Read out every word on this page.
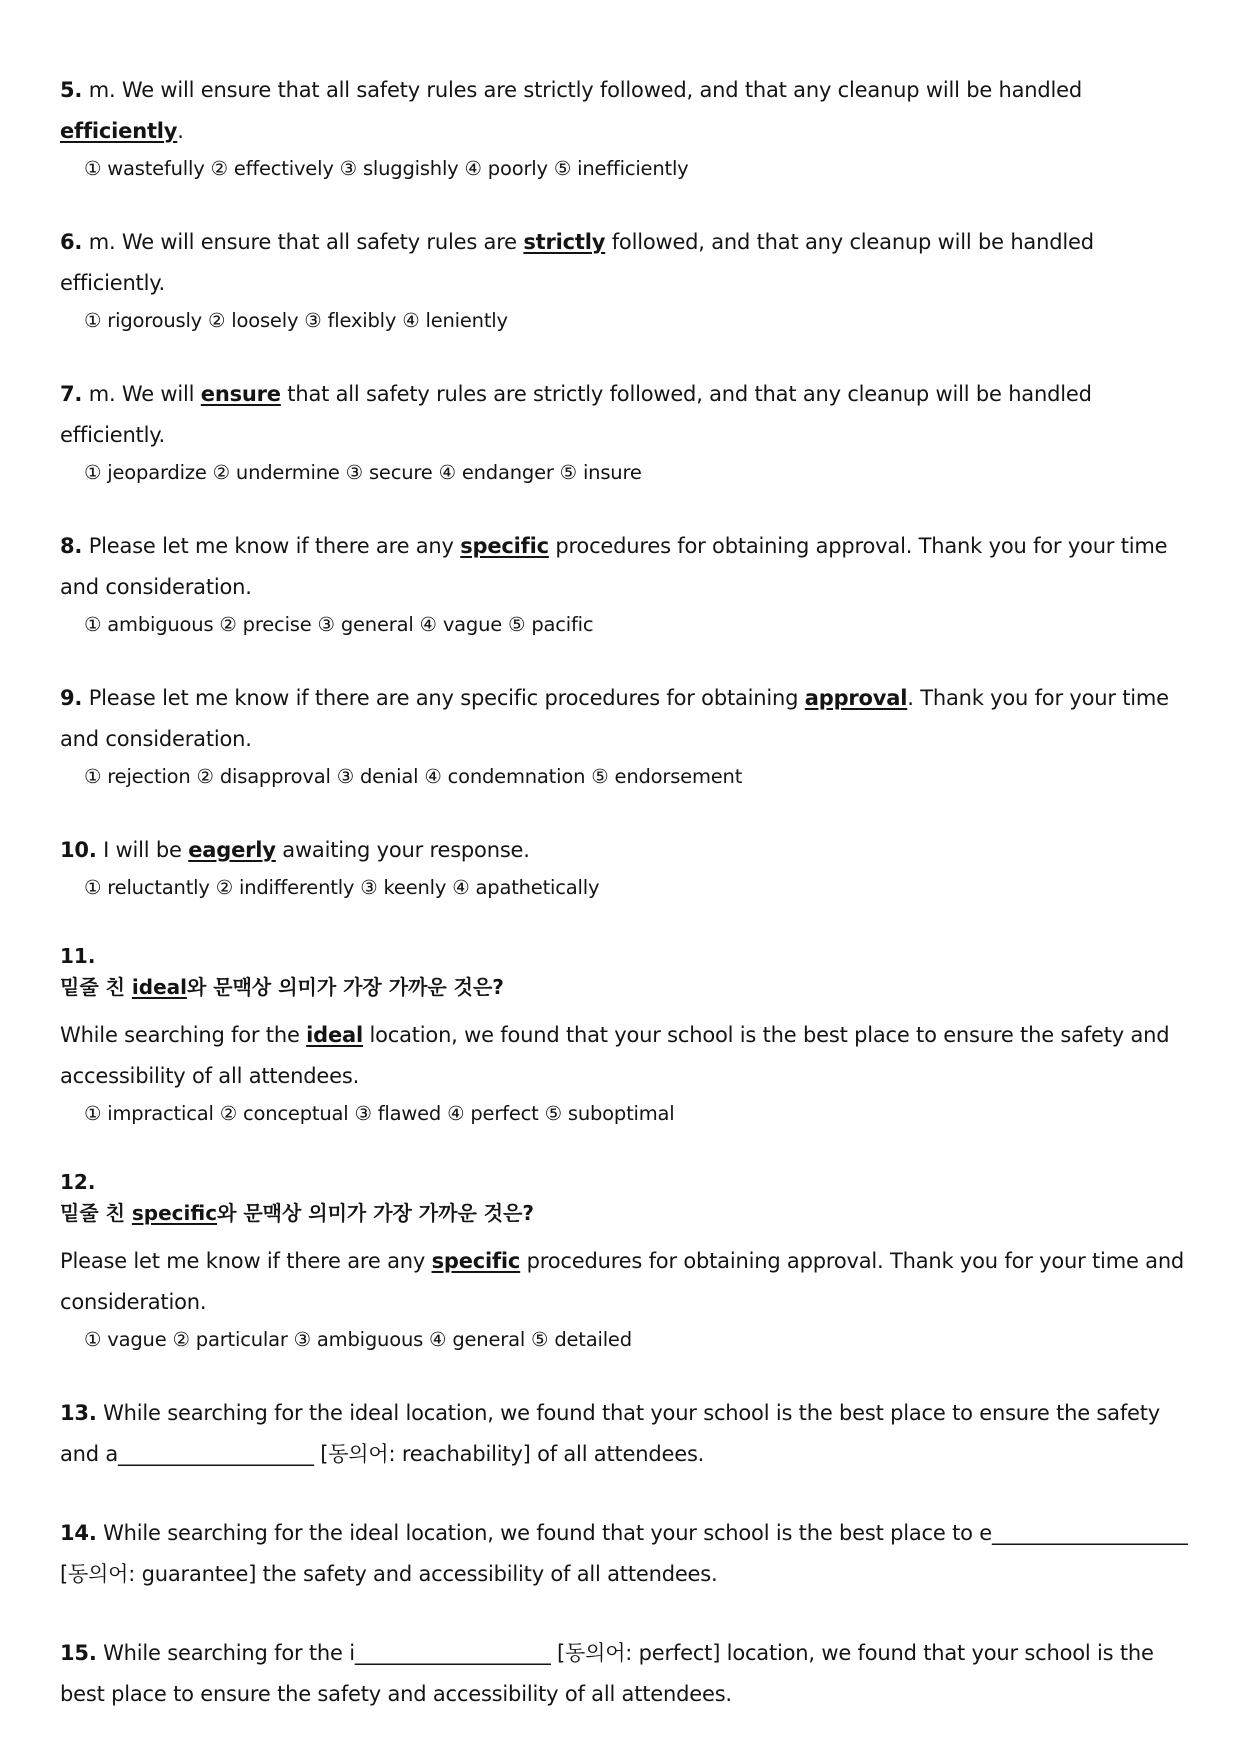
5. m. We will ensure that all safety rules are strictly followed, and that any cleanup will be handled efficiently.
① wastefully ② effectively ③ sluggishly ④ poorly ⑤ inefficiently
6. m. We will ensure that all safety rules are strictly followed, and that any cleanup will be handled efficiently.
① rigorously ② loosely ③ flexibly ④ leniently
7. m. We will ensure that all safety rules are strictly followed, and that any cleanup will be handled efficiently.
① jeopardize ② undermine ③ secure ④ endanger ⑤ insure
8. Please let me know if there are any specific procedures for obtaining approval. Thank you for your time and consideration.
① ambiguous ② precise ③ general ④ vague ⑤ pacific
9. Please let me know if there are any specific procedures for obtaining approval. Thank you for your time and consideration.
① rejection ② disapproval ③ denial ④ condemnation ⑤ endorsement
10. I will be eagerly awaiting your response.
① reluctantly ② indifferently ③ keenly ④ apathetically
11.
밑줄 친 ideal와 문맥상 의미가 가장 가까운 것은?
While searching for the ideal location, we found that your school is the best place to ensure the safety and accessibility of all attendees.
① impractical ② conceptual ③ flawed ④ perfect ⑤ suboptimal
12.
밑줄 친 specific와 문맥상 의미가 가장 가까운 것은?
Please let me know if there are any specific procedures for obtaining approval. Thank you for your time and consideration.
① vague ② particular ③ ambiguous ④ general ⑤ detailed
13. While searching for the ideal location, we found that your school is the best place to ensure the safety and a___________________ [동의어: reachability] of all attendees.
14. While searching for the ideal location, we found that your school is the best place to e___________________ [동의어: guarantee] the safety and accessibility of all attendees.
15. While searching for the i___________________ [동의어: perfect] location, we found that your school is the best place to ensure the safety and accessibility of all attendees.
